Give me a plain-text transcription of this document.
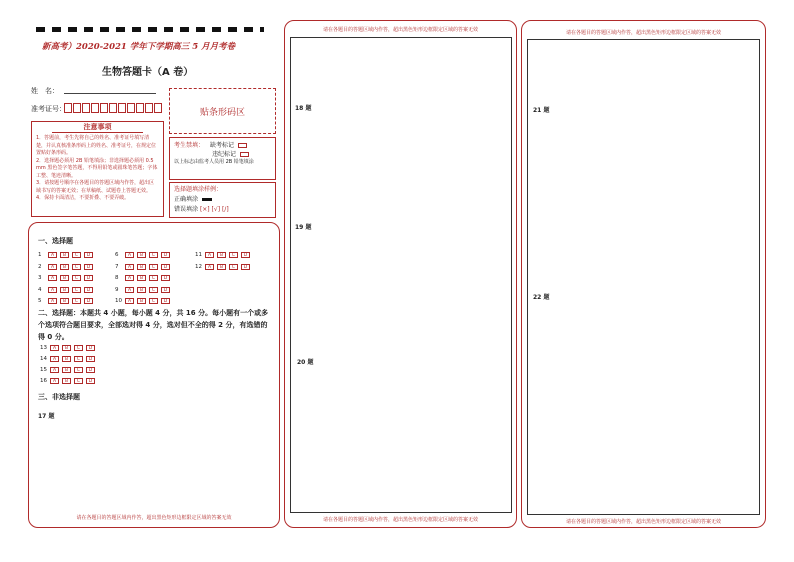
新高考）2020-2021 学年下学期高三 5 月月考卷
生物答题卡（A 卷）
姓　名：
准考证号：	贴条形码区
注意事项
1．答题前，考生先将自己的姓名、准考证号填写清楚，并认真核准条形码上的姓名、准考证号，在规定位置贴好条形码。
2．选择题必须用 2B 铅笔填涂；非选择题必须用 0.5 mm 黑色签字笔答题，不得用铅笔或圆珠笔答题；字体工整、笔迹清晰。
3．请按题号顺序在各题目的答题区域内作答，超出区域书写的答案无效；在草稿纸、试题卷上答题无效。
4．保持卡面清洁，不要折叠、不要弄破。
考生禁填： 缺考标记
违纪标记
以上标志由监考人员用 2B 铅笔填涂
选择题填涂样例：
正确填涂
错误填涂 [×] [√] [/]
请在各题目的答题区域内作答，超出黑色矩形边框限定区域的答案无效
一、选择题
1	A	B	C	D
2	A	B	C	D
3	A	B	C	D
4	A	B	C	D
5	A	B	C	D
6	A	B	C	D
7	A	B	C	D
8	A	B	C	D
9	A	B	C	D
10	A	B	C	D
11	A	B	C	D
12	A	B	C	D
二、选择题：本题共 4 小题，每小题 4 分，共 16 分。每小题有一个或多个选项符合题目要求，全部选对得 4 分，选对但不全的得 2 分，有选错的得 0 分。
13	A	B	C	D
14	A	B	C	D
15	A	B	C	D
16	A	B	C	D
三、非选择题
17 题
请在各题目的答题区域内作答，超出黑色矩形边框限定区域的答案无效
18 题
19 题
20 题
请在各题目的答题区域内作答，超出黑色矩形边框限定区域的答案无效
请在各题目的答题区域内作答，超出黑色矩形边框限定区域的答案无效
21 题
22 题
请在各题目的答题区域内作答，超出黑色矩形边框限定区域的答案无效
